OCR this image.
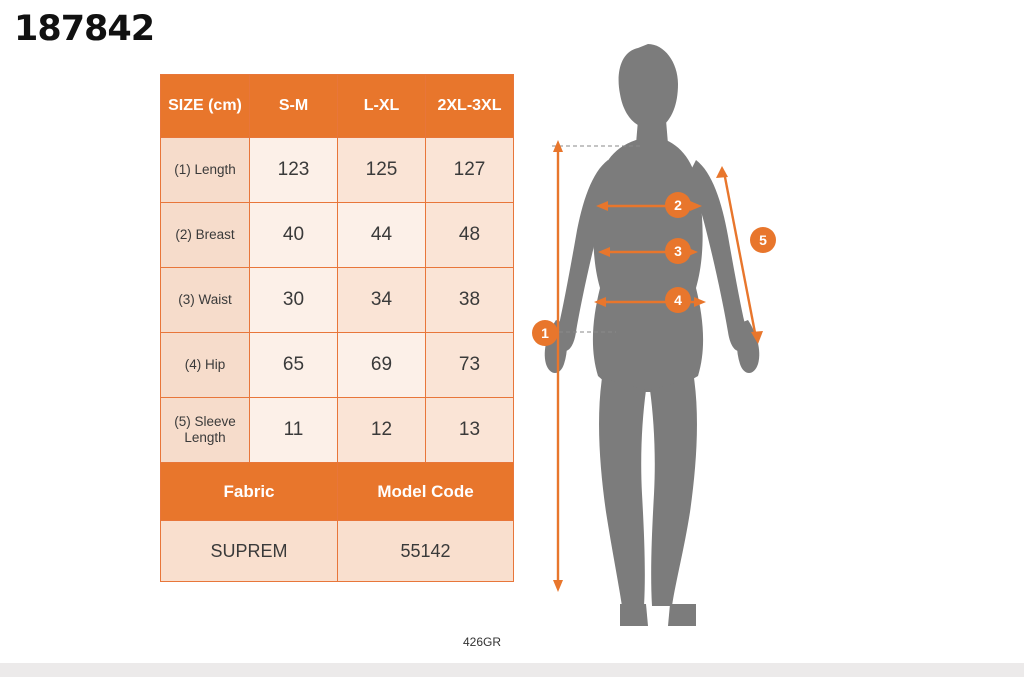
187842
SIZE (cm)	S-M	L-XL	2XL-3XL
(1) Length	123	125	127
(2) Breast	40	44	48
(3) Waist	30	34	38
(4) Hip	65	69	73
(5) Sleeve Length	11	12	13
Fabric		Model Code	
SUPREM		55142	
426GR
1
2
3
4
5
